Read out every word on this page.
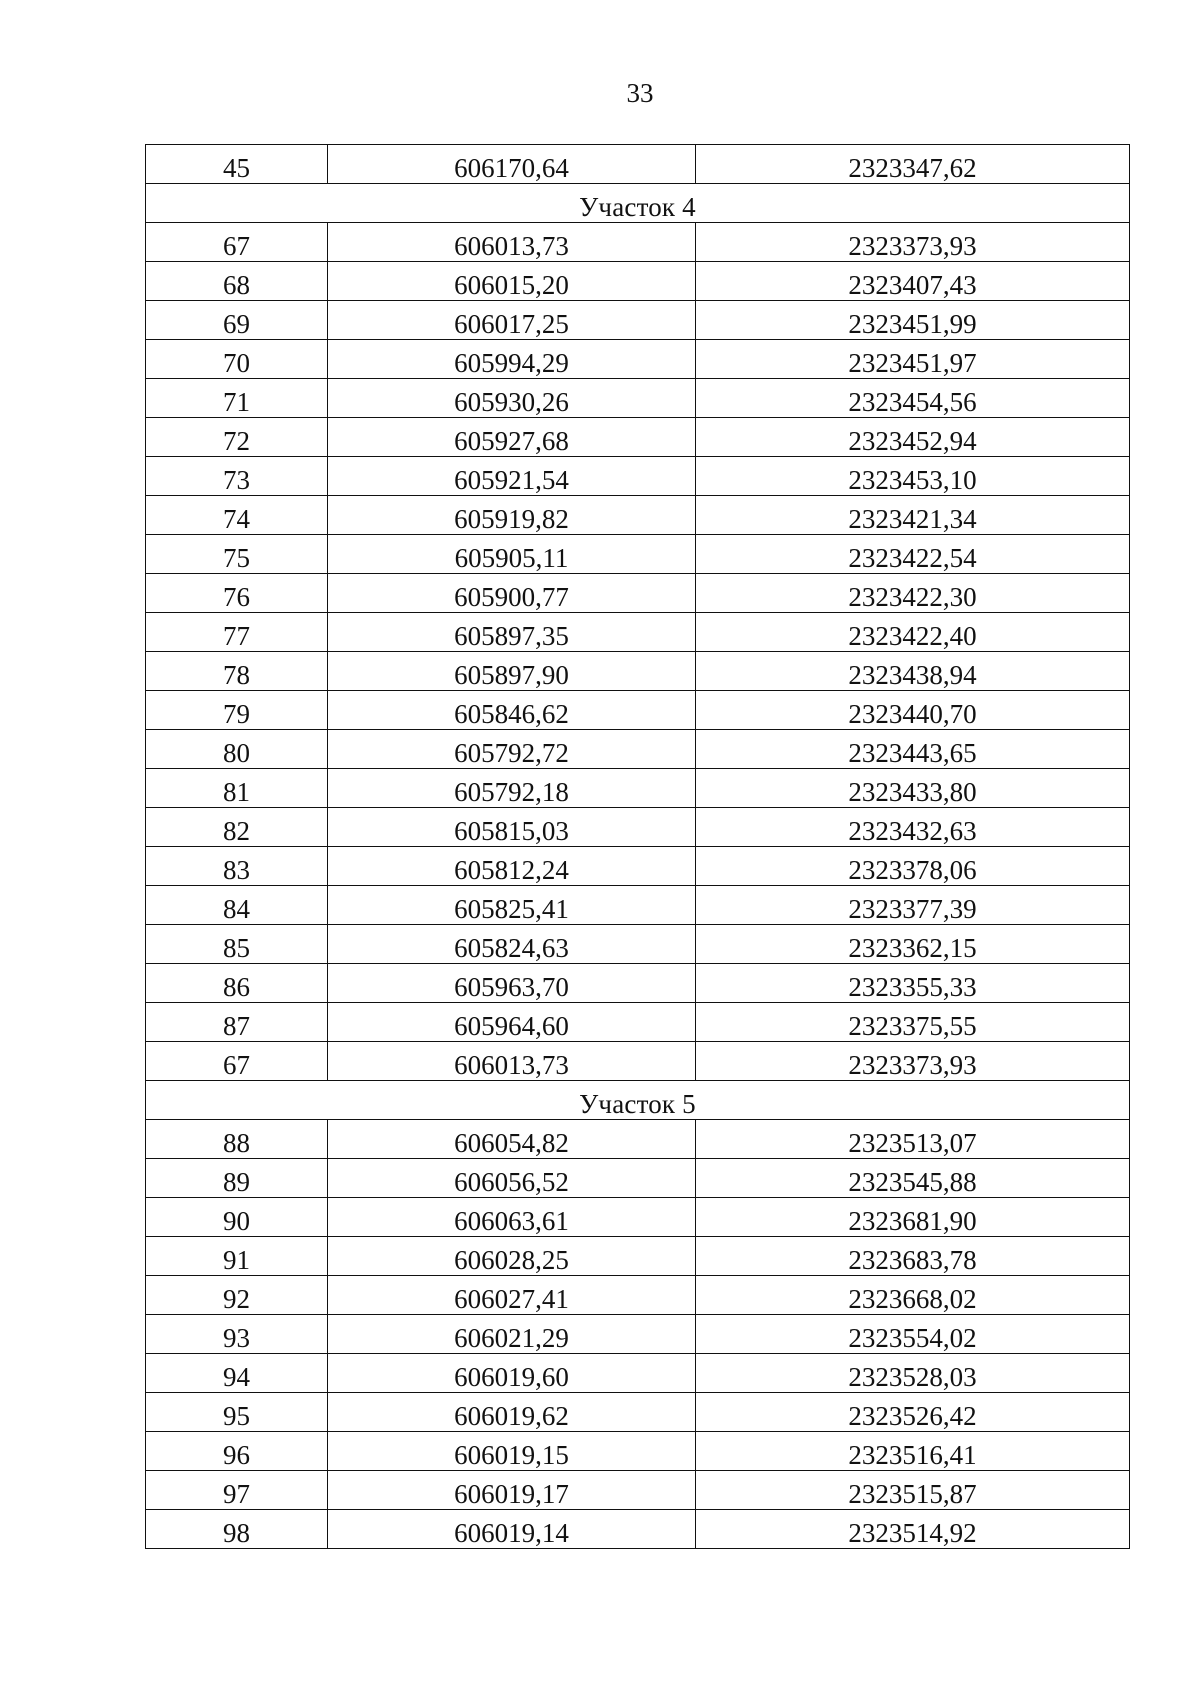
33
45	606170,64	2323347,62
Участок 4		
67	606013,73	2323373,93
68	606015,20	2323407,43
69	606017,25	2323451,99
70	605994,29	2323451,97
71	605930,26	2323454,56
72	605927,68	2323452,94
73	605921,54	2323453,10
74	605919,82	2323421,34
75	605905,11	2323422,54
76	605900,77	2323422,30
77	605897,35	2323422,40
78	605897,90	2323438,94
79	605846,62	2323440,70
80	605792,72	2323443,65
81	605792,18	2323433,80
82	605815,03	2323432,63
83	605812,24	2323378,06
84	605825,41	2323377,39
85	605824,63	2323362,15
86	605963,70	2323355,33
87	605964,60	2323375,55
67	606013,73	2323373,93
Участок 5		
88	606054,82	2323513,07
89	606056,52	2323545,88
90	606063,61	2323681,90
91	606028,25	2323683,78
92	606027,41	2323668,02
93	606021,29	2323554,02
94	606019,60	2323528,03
95	606019,62	2323526,42
96	606019,15	2323516,41
97	606019,17	2323515,87
98	606019,14	2323514,92
